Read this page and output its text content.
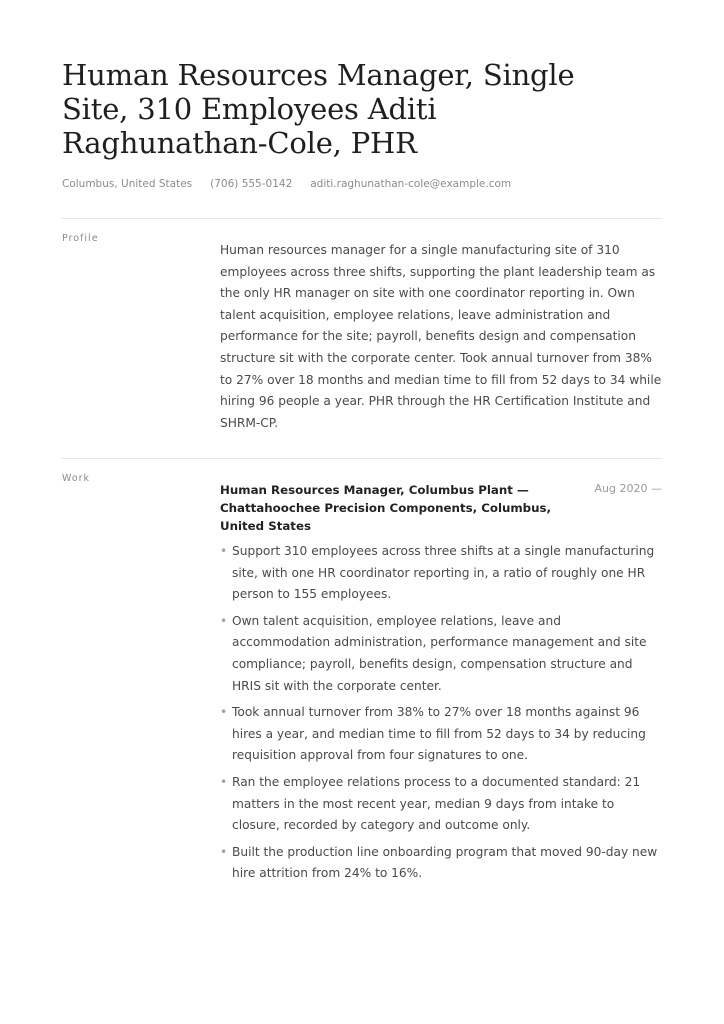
Human Resources Manager, Single Site, 310 Employees Aditi Raghunathan-Cole, PHR
Columbus, United States (706) 555-0142 aditi.raghunathan-cole@example.com
Profile
Human resources manager for a single manufacturing site of 310 employees across three shifts, supporting the plant leadership team as the only HR manager on site with one coordinator reporting in. Own talent acquisition, employee relations, leave administration and performance for the site; payroll, benefits design and compensation structure sit with the corporate center. Took annual turnover from 38% to 27% over 18 months and median time to fill from 52 days to 34 while hiring 96 people a year. PHR through the HR Certification Institute and SHRM-CP.
Work
Human Resources Manager, Columbus Plant — Chattahoochee Precision Components, Columbus, United States
Aug 2020 —
• Support 310 employees across three shifts at a single manufacturing site, with one HR coordinator reporting in, a ratio of roughly one HR person to 155 employees.
• Own talent acquisition, employee relations, leave and accommodation administration, performance management and site compliance; payroll, benefits design, compensation structure and HRIS sit with the corporate center.
• Took annual turnover from 38% to 27% over 18 months against 96 hires a year, and median time to fill from 52 days to 34 by reducing requisition approval from four signatures to one.
• Ran the employee relations process to a documented standard: 21 matters in the most recent year, median 9 days from intake to closure, recorded by category and outcome only.
• Built the production line onboarding program that moved 90-day new hire attrition from 24% to 16%.
